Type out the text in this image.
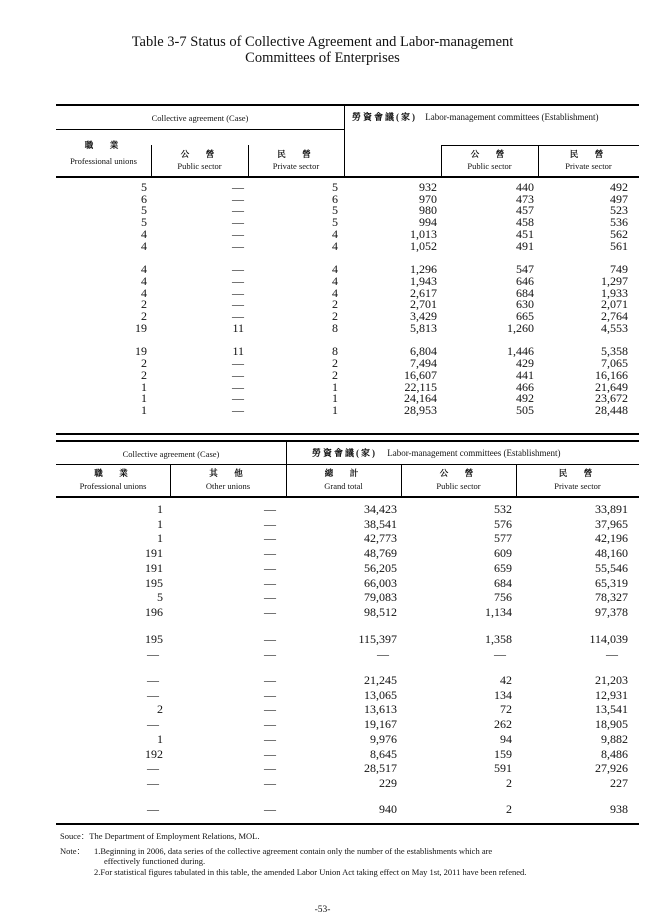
Table 3-7 Status of Collective Agreement and Labor-management
Committees of Enterprises
Collective agreement (Case)	勞資會議(家) Labor-management committees (Establishment)
職　業
Professional unions
公　營
Public sector
民　營
Private sector
公　營
Public sector
民　營
Private sector
5	—	5	932	440	492
6	—	6	970	473	497
5	—	5	980	457	523
5	—	5	994	458	536
4	—	4	1,013	451	562
4	—	4	1,052	491	561
4	—	4	1,296	547	749
4	—	4	1,943	646	1,297
4	—	4	2,617	684	1,933
2	—	2	2,701	630	2,071
2	—	2	3,429	665	2,764
19	11	8	5,813	1,260	4,553
19	11	8	6,804	1,446	5,358
2	—	2	7,494	429	7,065
2	—	2	16,607	441	16,166
1	—	1	22,115	466	21,649
1	—	1	24,164	492	23,672
1	—	1	28,953	505	28,448
Collective agreement (Case)	勞資會議(家) Labor-management committees (Establishment)
職　業
Professional unions
其　他
Other unions
總　計
Grand total
公　營
Public sector
民　營
Private sector
1	—	34,423	532	33,891
1	—	38,541	576	37,965
1	—	42,773	577	42,196
191	—	48,769	609	48,160
191	—	56,205	659	55,546
195	—	66,003	684	65,319
5	—	79,083	756	78,327
196	—	98,512	1,134	97,378
195	—	115,397	1,358	114,039
—	—	—	—	—
—	—	21,245	42	21,203
—	—	13,065	134	12,931
2	—	13,613	72	13,541
—	—	19,167	262	18,905
1	—	9,976	94	9,882
192	—	8,645	159	8,486
—	—	28,517	591	27,926
—	—	229	2	227
—	—	940	2	938
Souce：The Department of Employment Relations, MOL.
Note： 1.Beginning in 2006, data series of the collective agreement contain only the number of the establishments which are
effectively functioned during.
2.For statistical figures tabulated in this table, the amended Labor Union Act taking effect on May 1st, 2011 have been refened.
-53-
